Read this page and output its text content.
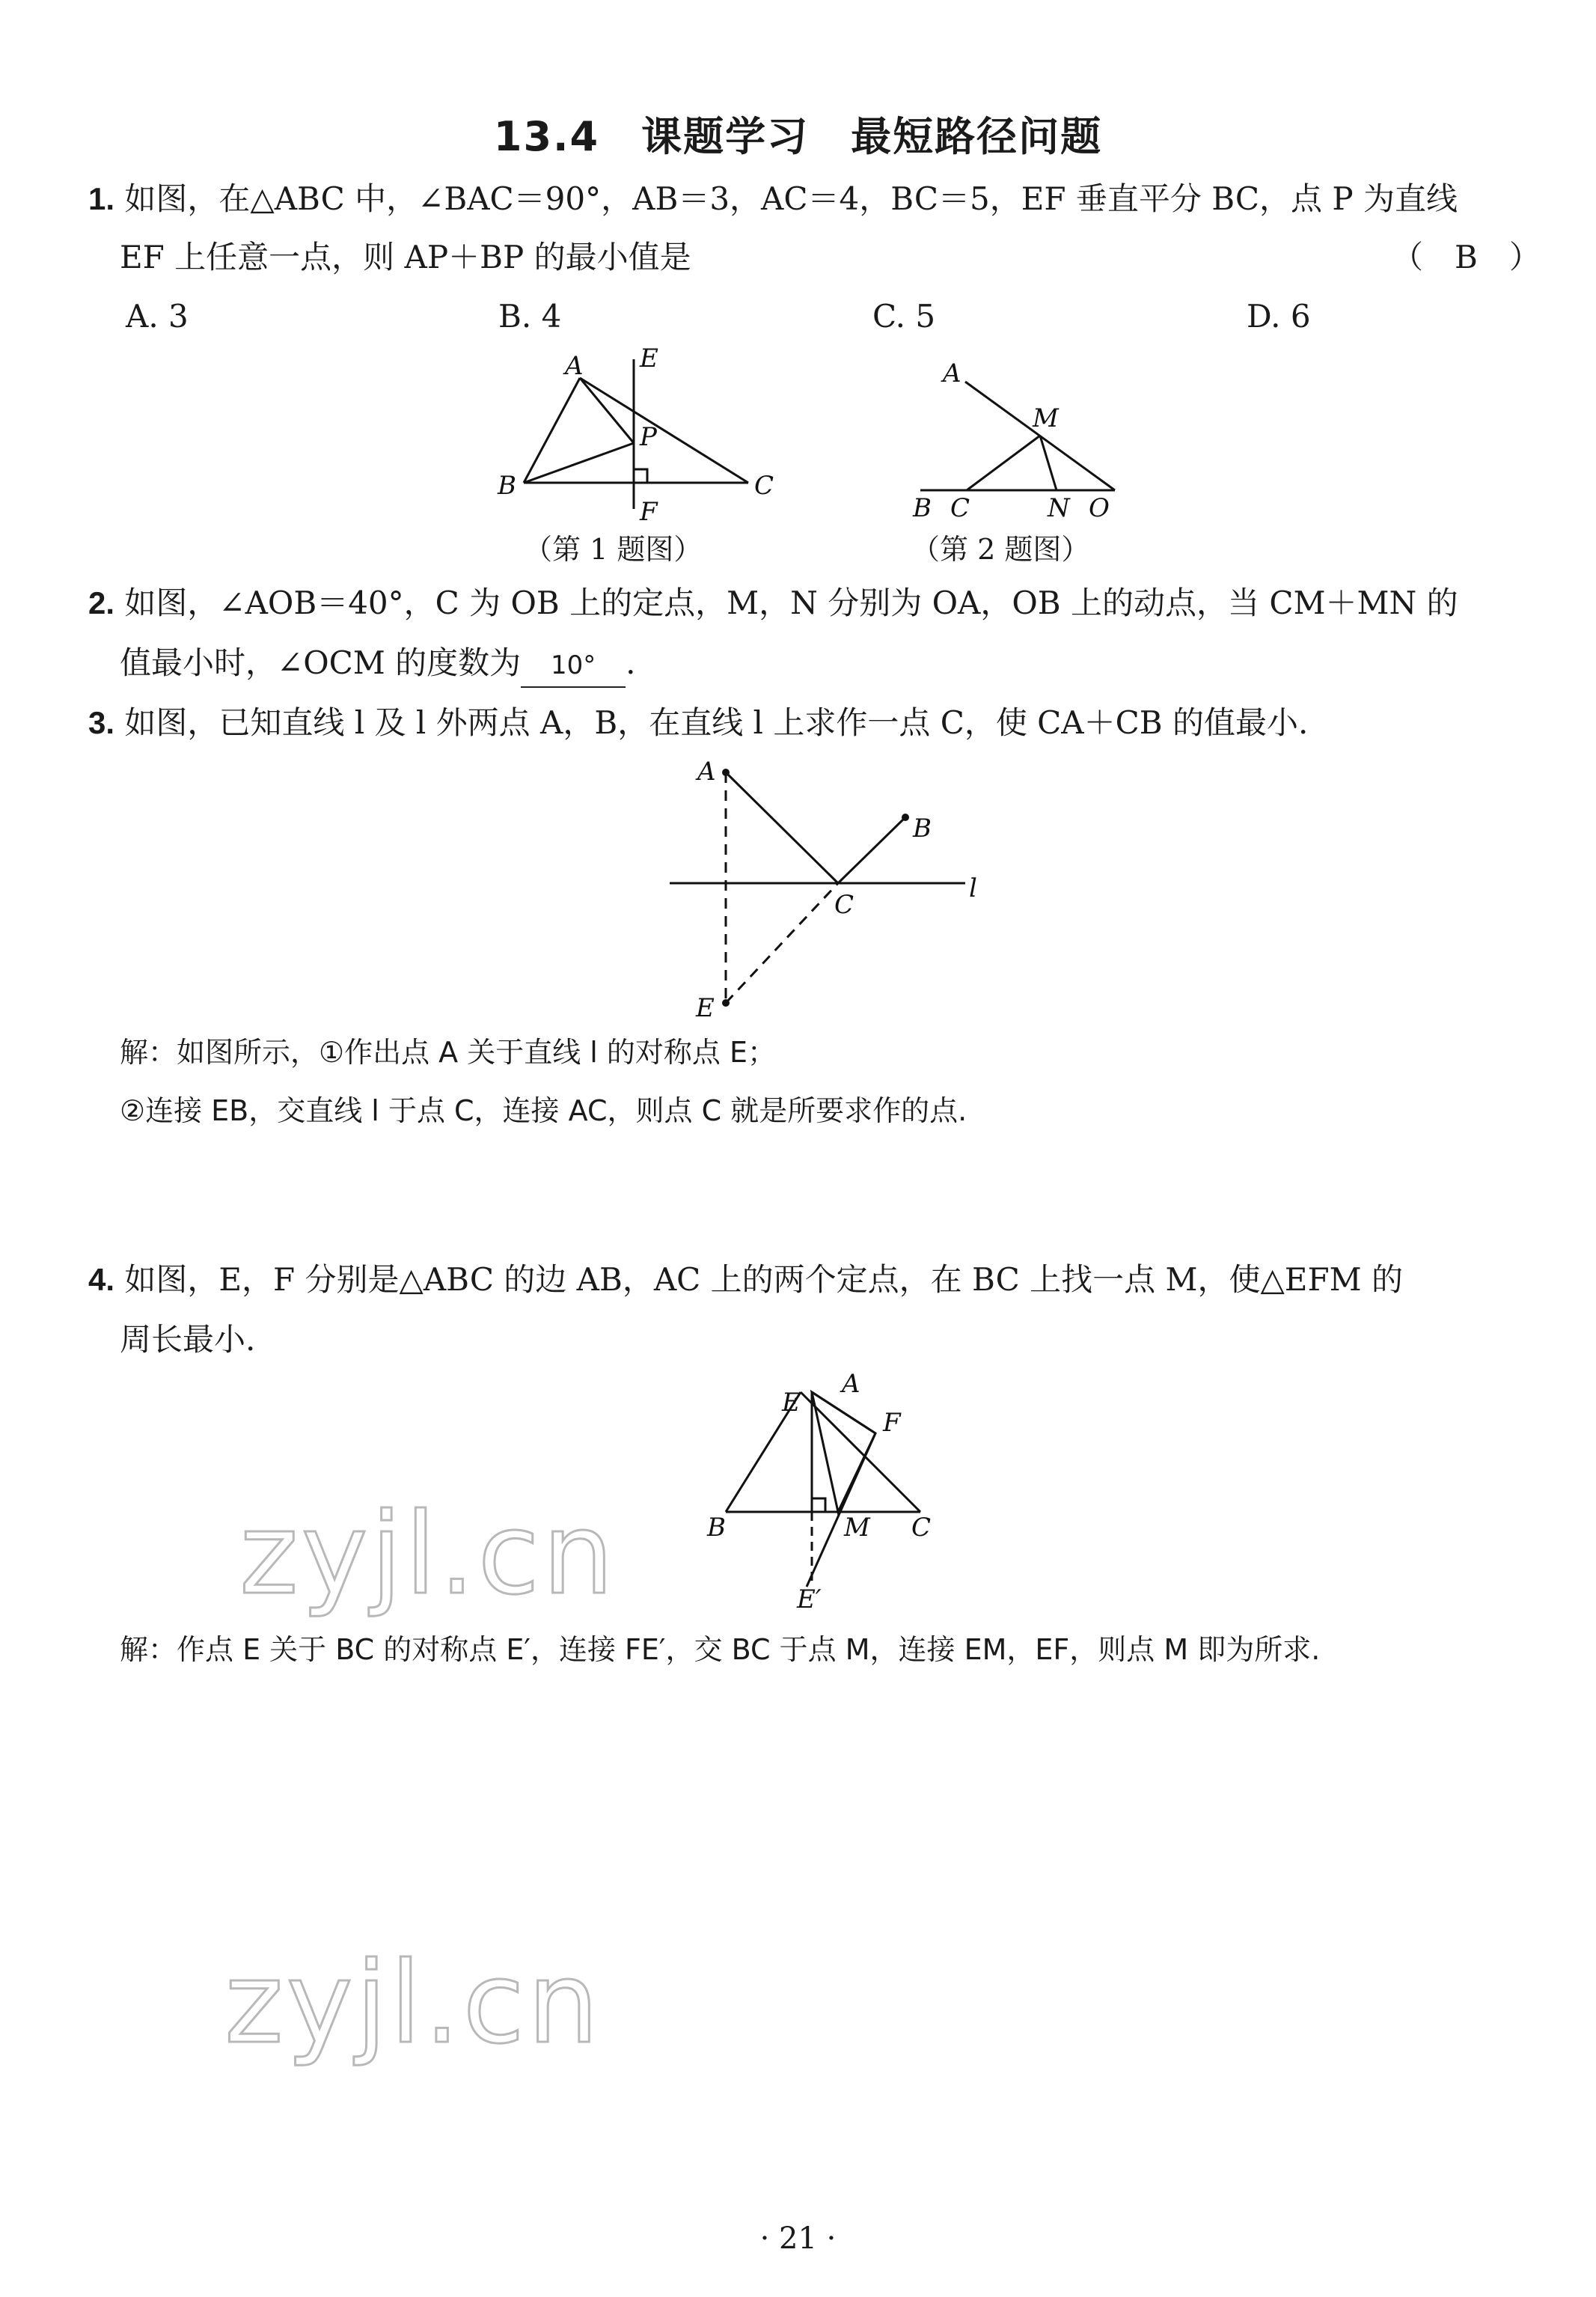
13.4　课题学习　最短路径问题
1. 如图，在△ABC 中，∠BAC＝90°，AB＝3，AC＝4，BC＝5，EF 垂直平分 BC，点 P 为直线
EF 上任意一点，则 AP＋BP 的最小值是	（　B　）
A. 3	B. 4	C. 5	D. 6
A E
P
B	C
F
（第 1 题图）
A
M
B C	N O
（第 2 题图）
2. 如图，∠AOB＝40°，C 为 OB 上的定点，M，N 分别为 OA，OB 上的动点，当 CM＋MN 的
值最小时，∠OCM 的度数为 10° .
3. 如图，已知直线 l 及 l 外两点 A，B，在直线 l 上求作一点 C，使 CA＋CB 的值最小.
A
B
C
l
E
解：如图所示，①作出点 A 关于直线 l 的对称点 E；
②连接 EB，交直线 l 于点 C，连接 AC，则点 C 就是所要求作的点.
4. 如图，E，F 分别是△ABC 的边 AB，AC 上的两个定点，在 BC 上找一点 M，使△EFM 的
周长最小.
A
E
F
B	M C
E′
解：作点 E 关于 BC 的对称点 E′，连接 FE′，交 BC 于点 M，连接 EM，EF，则点 M 即为所求.
zyjl.cn
zyjl.cn
· 21 ·
